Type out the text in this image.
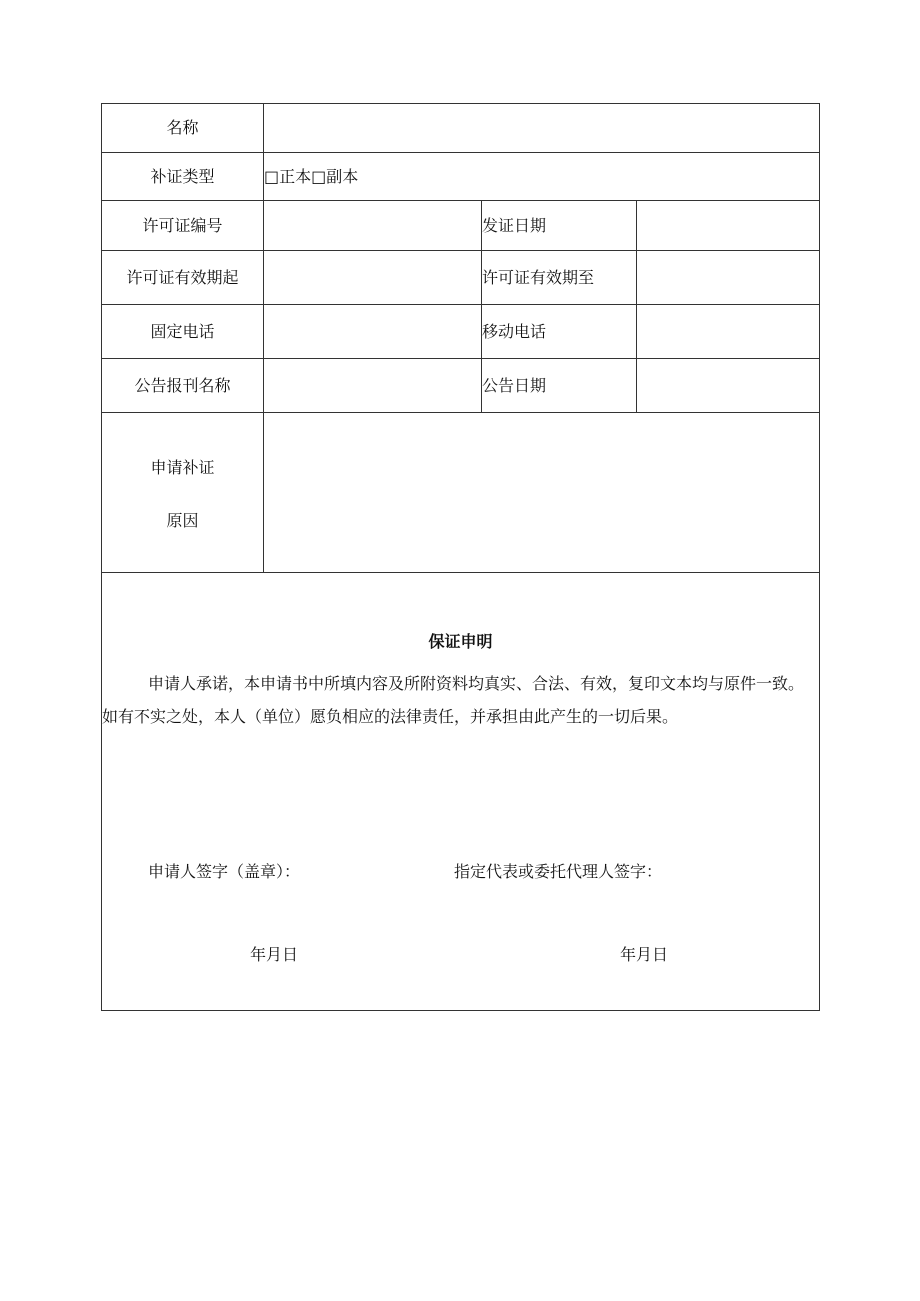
名称
补证类型	□正本□副本
许可证编号	发证日期
许可证有效期起	许可证有效期至
固定电话	移动电话
公告报刊名称	公告日期
申请补证
原因
保证申明
申请人承诺，本申请书中所填内容及所附资料均真实、合法、有效，复印文本均与原件一致。
如有不实之处，本人（单位）愿负相应的法律责任，并承担由此产生的一切后果。
申请人签字（盖章）：	指定代表或委托代理人签字：
年月日	年月日
